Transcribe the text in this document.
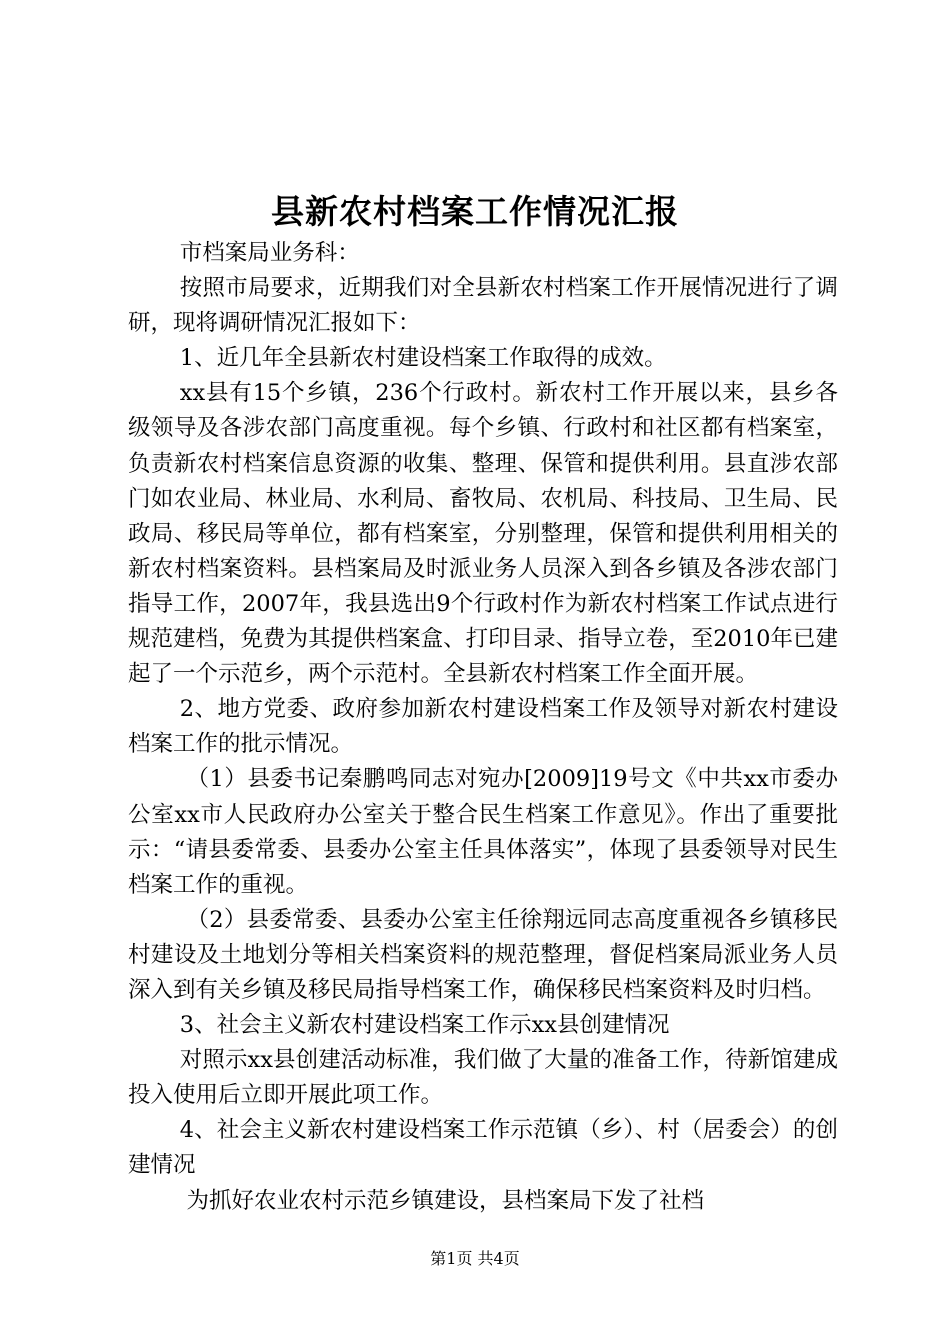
县新农村档案工作情况汇报

市档案局业务科：

按照市局要求，近期我们对全县新农村档案工作开展情况进行了调研，现将调研情况汇报如下：

1、近几年全县新农村建设档案工作取得的成效。

xx县有15个乡镇，236个行政村。新农村工作开展以来，县乡各级领导及各涉农部门高度重视。每个乡镇、行政村和社区都有档案室，负责新农村档案信息资源的收集、整理、保管和提供利用。县直涉农部门如农业局、林业局、水利局、畜牧局、农机局、科技局、卫生局、民政局、移民局等单位，都有档案室，分别整理，保管和提供利用相关的新农村档案资料。县档案局及时派业务人员深入到各乡镇及各涉农部门指导工作，2007年，我县选出9个行政村作为新农村档案工作试点进行规范建档，免费为其提供档案盒、打印目录、指导立卷，至2010年已建起了一个示范乡，两个示范村。全县新农村档案工作全面开展。

2、地方党委、政府参加新农村建设档案工作及领导对新农村建设档案工作的批示情况。

（1）县委书记秦鹏鸣同志对宛办[2009]19号文《中共xx市委办公室xx市人民政府办公室关于整合民生档案工作意见》。作出了重要批示：“请县委常委、县委办公室主任具体落实”，体现了县委领导对民生档案工作的重视。

（2）县委常委、县委办公室主任徐翔远同志高度重视各乡镇移民村建设及土地划分等相关档案资料的规范整理，督促档案局派业务人员深入到有关乡镇及移民局指导档案工作，确保移民档案资料及时归档。

3、社会主义新农村建设档案工作示xx县创建情况

对照示xx县创建活动标准，我们做了大量的准备工作，待新馆建成投入使用后立即开展此项工作。

4、社会主义新农村建设档案工作示范镇（乡）、村（居委会）的创建情况

为抓好农业农村示范乡镇建设，县档案局下发了社档

第1页 共4页
